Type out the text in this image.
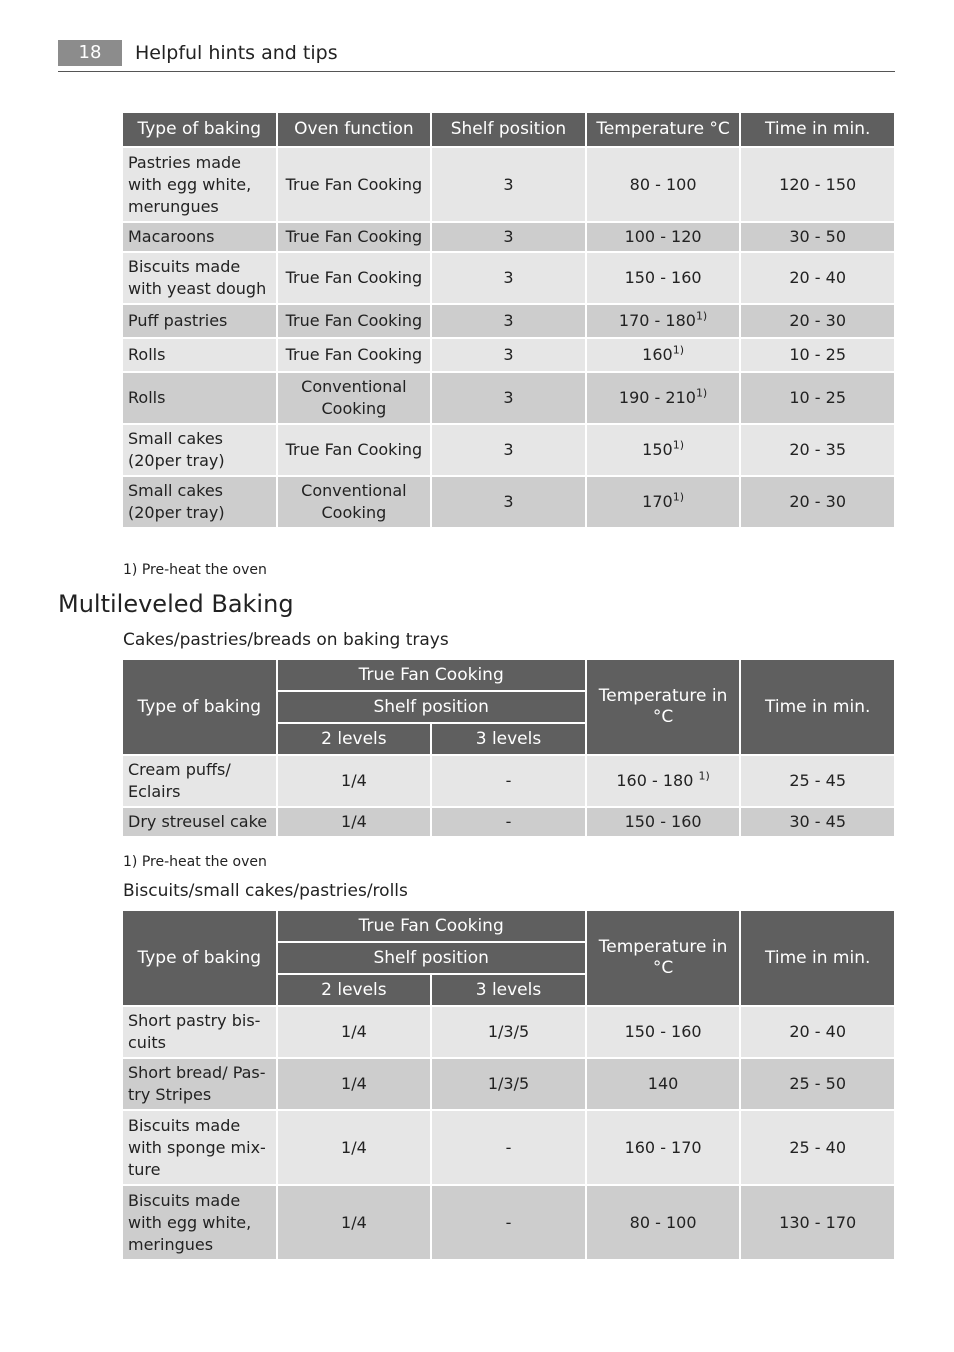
18	Helpful hints and tips
Type of baking	Oven function	Shelf position	Temperature °C	Time in min.
Pastries made with egg white, merungues	True Fan Cooking	3	80 - 100	120 - 150
Macaroons	True Fan Cooking	3	100 - 120	30 - 50
Biscuits made with yeast dough	True Fan Cooking	3	150 - 160	20 - 40
Puff pastries	True Fan Cooking	3	170 - 180$^{1)}$	20 - 30
Rolls	True Fan Cooking	3	160$^{1)}$	10 - 25
Rolls	Conventional Cooking	3	190 - 210$^{1)}$	10 - 25
Small cakes (20per tray)	True Fan Cooking	3	150$^{1)}$	20 - 35
Small cakes (20per tray)	Conventional Cooking	3	170$^{1)}$	20 - 30
1) Pre-heat the oven
Multileveled Baking
Cakes/pastries/breads on baking trays
Type of baking	True Fan Cooking		Temperature in °C	Time in min.
	Shelf position			
	2 levels	3 levels		
Cream puffs/ Eclairs	1/4	-	160 - 180 $^{1)}$	25 - 45
Dry streusel cake	1/4	-	150 - 160	30 - 45
1) Pre-heat the oven
Biscuits/small cakes/pastries/rolls
Type of baking	True Fan Cooking		Temperature in °C	Time in min.
	Shelf position			
	2 levels	3 levels		
Short pastry bis- cuits	1/4	1/3/5	150 - 160	20 - 40
Short bread/ Pas- try Stripes	1/4	1/3/5	140	25 - 50
Biscuits made with sponge mix- ture	1/4	-	160 - 170	25 - 40
Biscuits made with egg white, meringues	1/4	-	80 - 100	130 - 170
